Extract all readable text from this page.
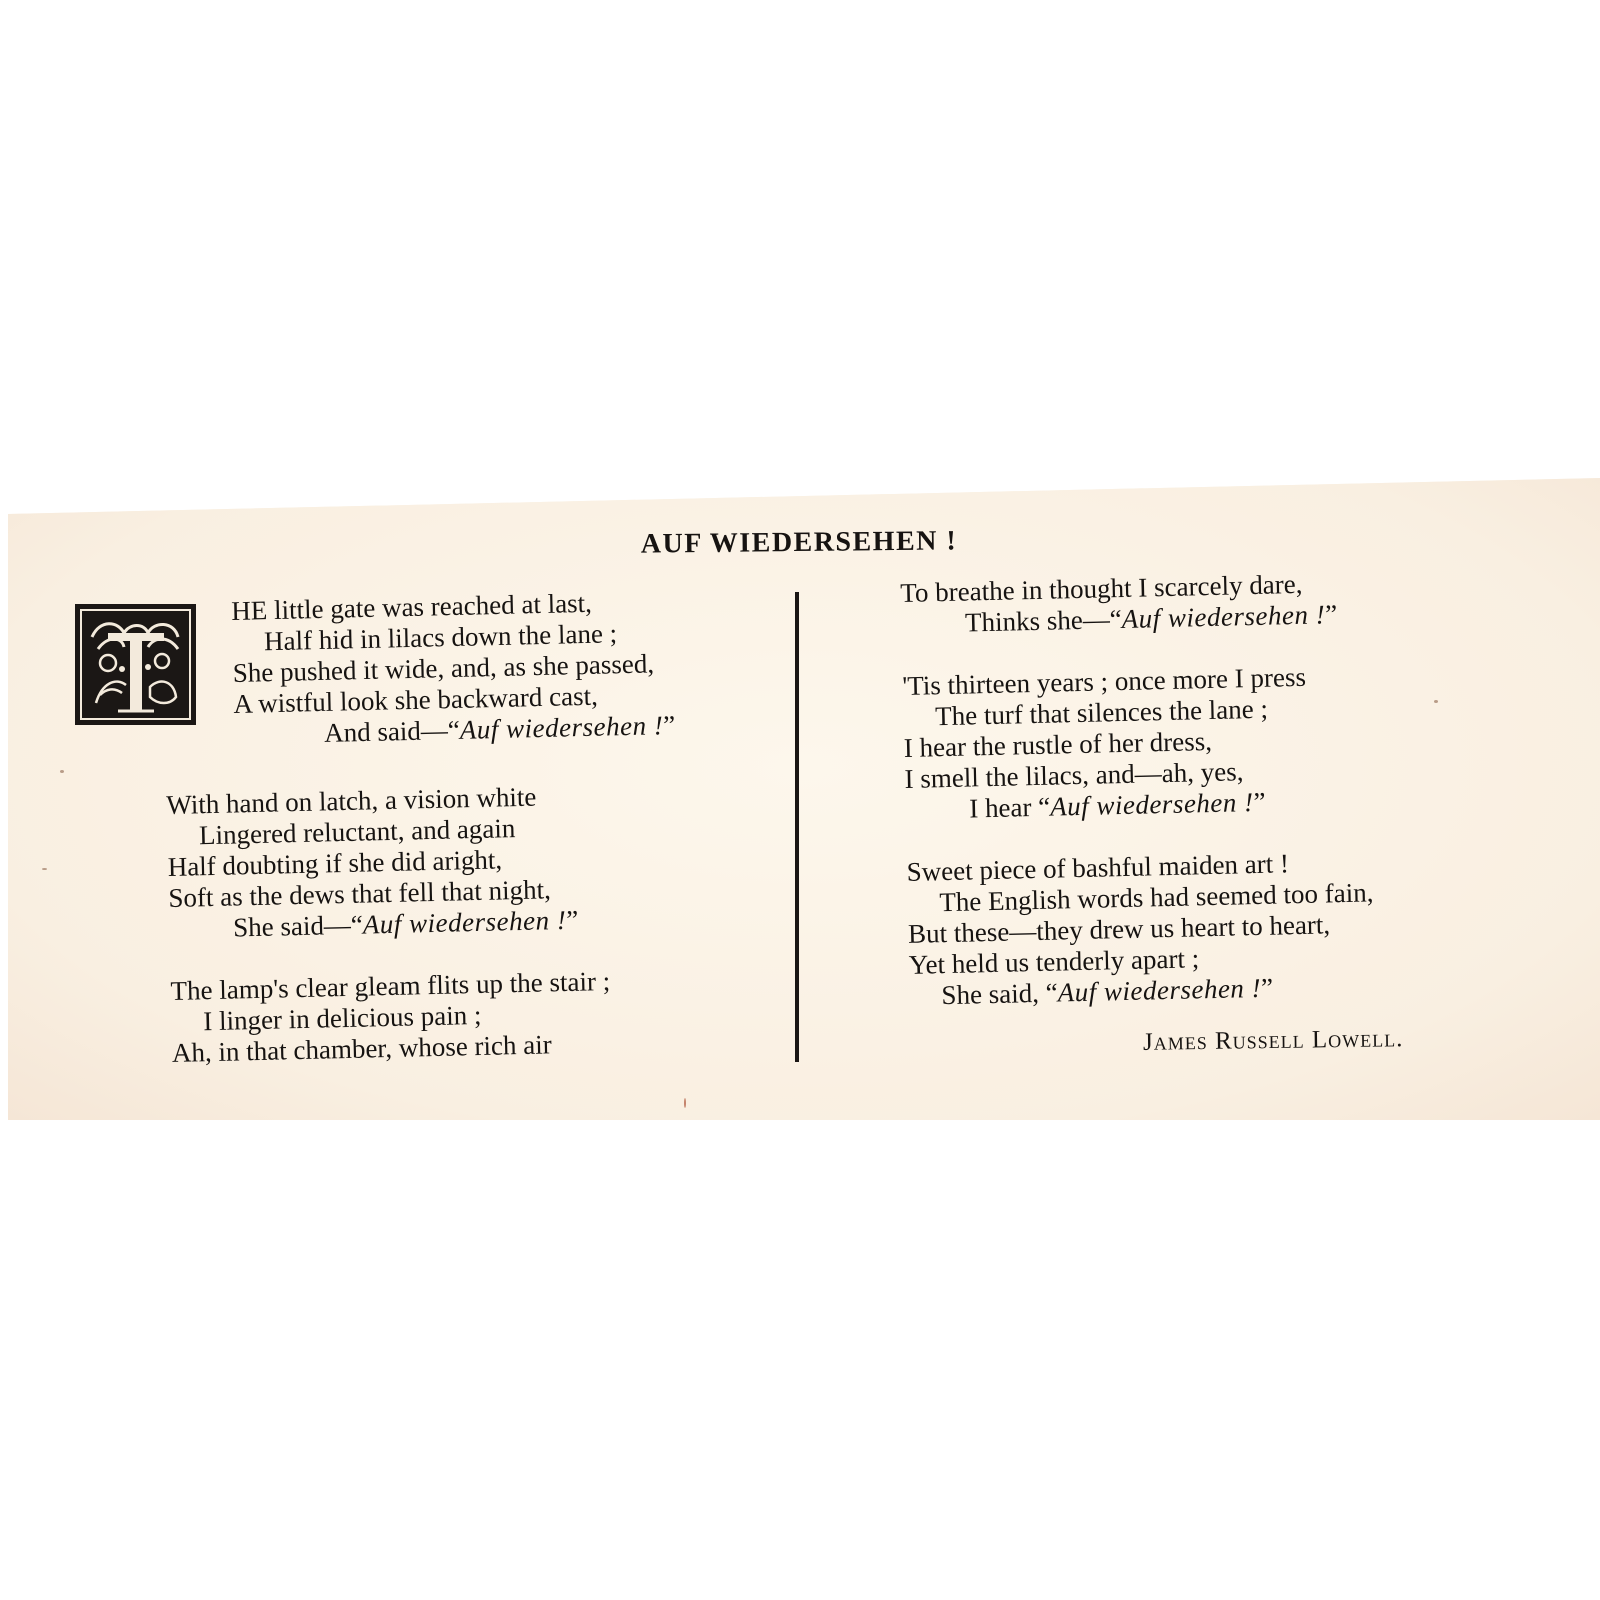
AUF WIEDERSEHEN !
HE little gate was reached at last,
Half hid in lilacs down the lane ;
She pushed it wide, and, as she passed,
A wistful look she backward cast,
And said—“Auf wiedersehen !”
With hand on latch, a vision white
Lingered reluctant, and again
Half doubting if she did aright,
Soft as the dews that fell that night,
She said—“Auf wiedersehen !”
The lamp's clear gleam flits up the stair ;
I linger in delicious pain ;
Ah, in that chamber, whose rich air
To breathe in thought I scarcely dare,
Thinks she—“Auf wiedersehen !”
'Tis thirteen years ; once more I press
The turf that silences the lane ;
I hear the rustle of her dress,
I smell the lilacs, and—ah, yes,
I hear “Auf wiedersehen !”
Sweet piece of bashful maiden art !
The English words had seemed too fain,
But these—they drew us heart to heart,
Yet held us tenderly apart ;
She said, “Auf wiedersehen !”
James Russell Lowell.
